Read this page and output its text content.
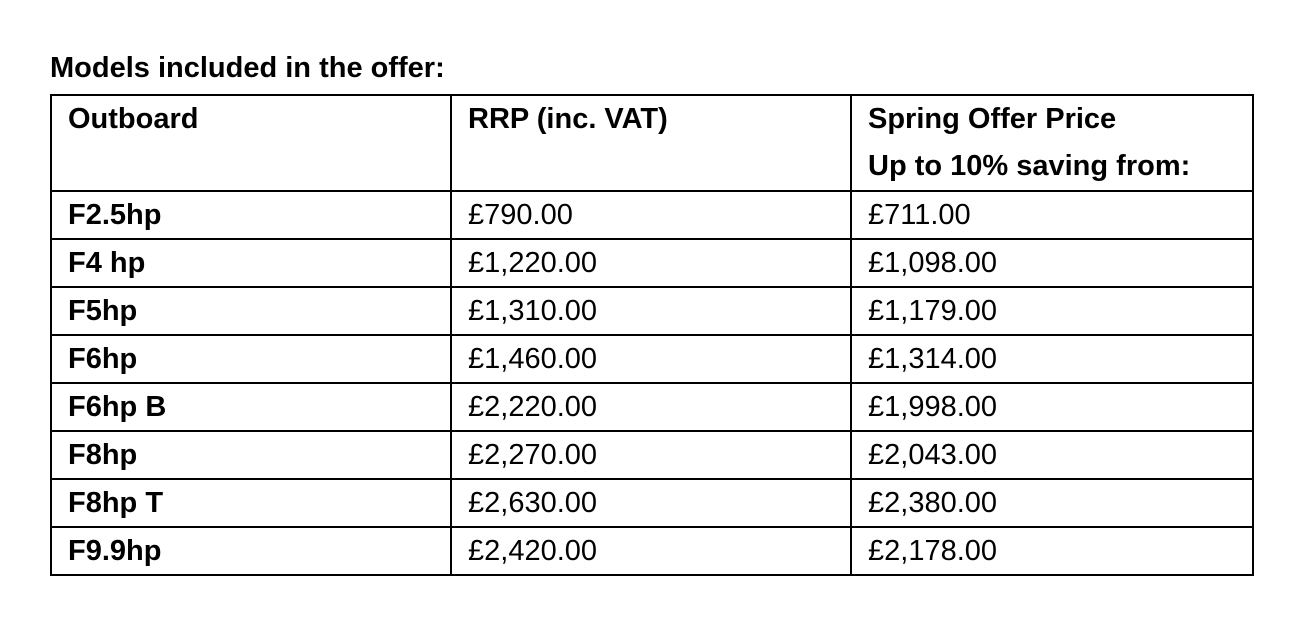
Models included in the offer:

Outboard	RRP (inc. VAT)	Spring Offer Price
Up to 10% saving from:

F2.5hp	£790.00	£711.00
F4 hp	£1,220.00	£1,098.00
F5hp	£1,310.00	£1,179.00
F6hp	£1,460.00	£1,314.00
F6hp B	£2,220.00	£1,998.00
F8hp	£2,270.00	£2,043.00
F8hp T	£2,630.00	£2,380.00
F9.9hp	£2,420.00	£2,178.00
